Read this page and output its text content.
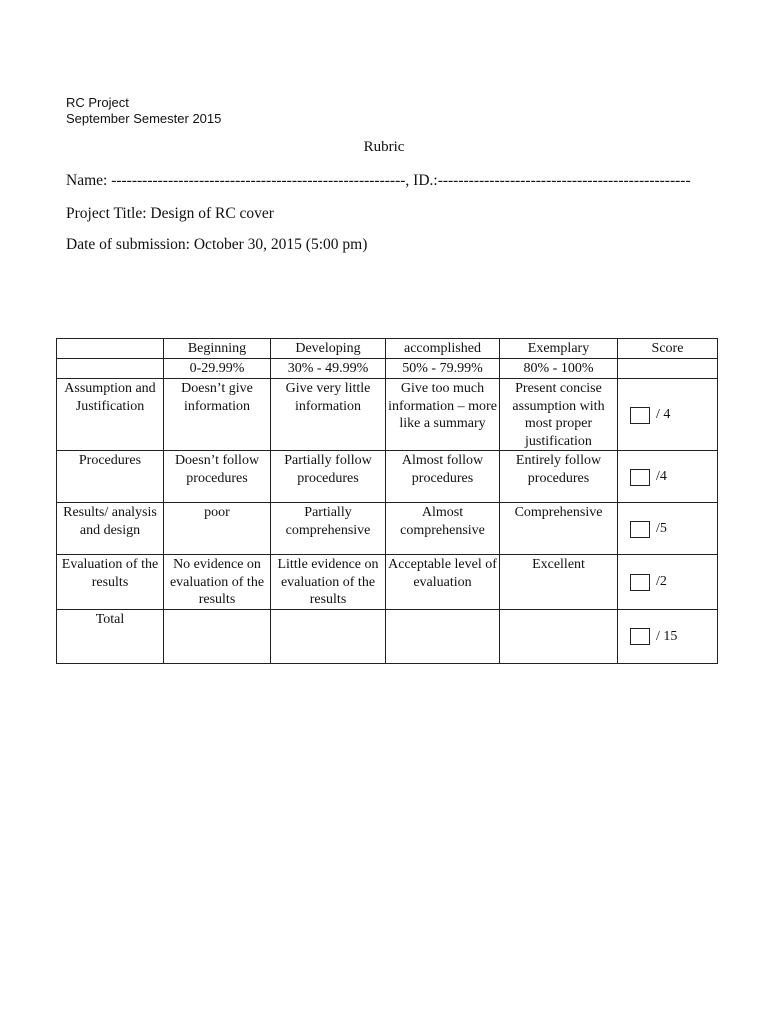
RC Project
September Semester 2015
Rubric
Name: ---------------------------------------------------------, ID.:-------------------------------------------------
Project Title: Design of RC cover
Date of submission: October 30, 2015 (5:00 pm)
	Beginning	Developing	accomplished	Exemplary	Score
	0-29.99%	30% - 49.99%	50% - 79.99%	80% - 100%	
Assumption and Justification	Doesn’t give information	Give very little information	Give too much information – more like a summary	Present concise assumption with most proper justification	/ 4
Procedures	Doesn’t follow procedures	Partially follow procedures	Almost follow procedures	Entirely follow procedures	/4
Results/ analysis and design	poor	Partially comprehensive	Almost comprehensive	Comprehensive	/5
Evaluation of the results	No evidence on evaluation of the results	Little evidence on evaluation of the results	Acceptable level of evaluation	Excellent	/2
Total					/ 15
